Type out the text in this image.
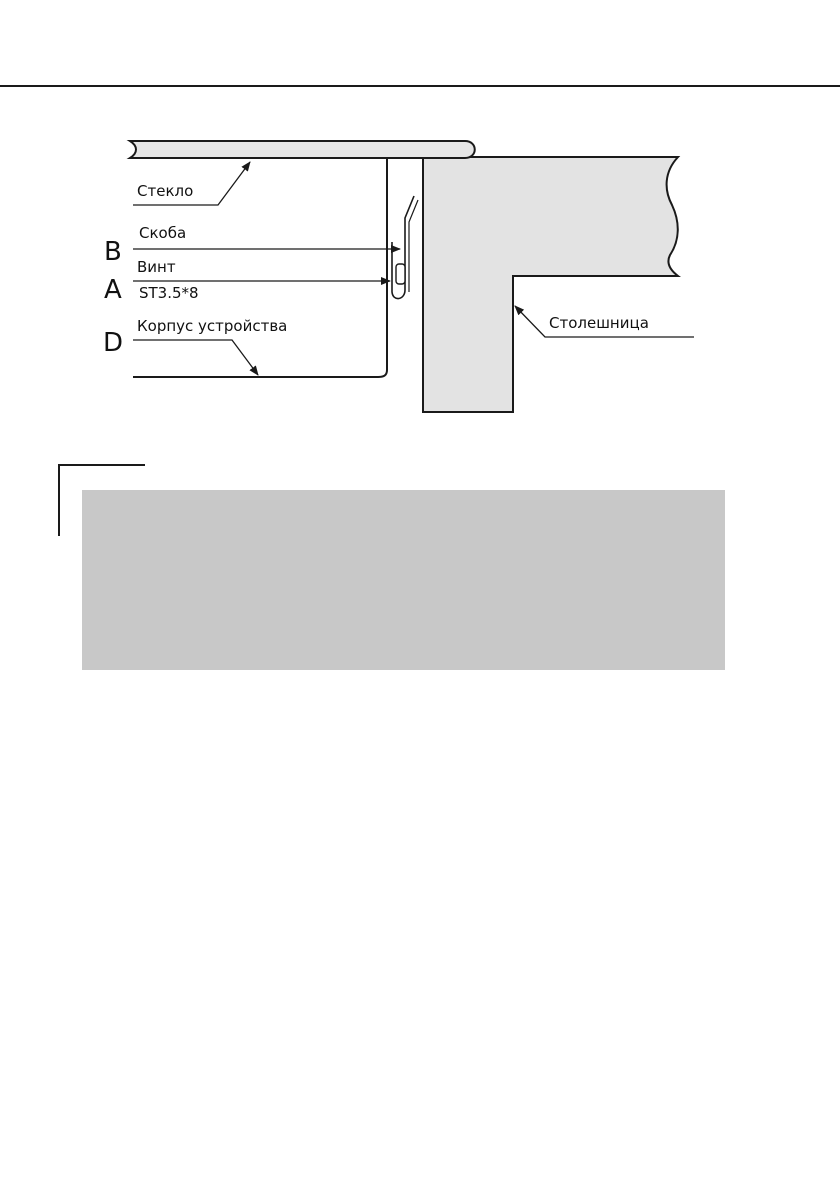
Стекло
Скоба
Винт
ST3.5*8
Корпус устройства	Столешница
B
A
D
